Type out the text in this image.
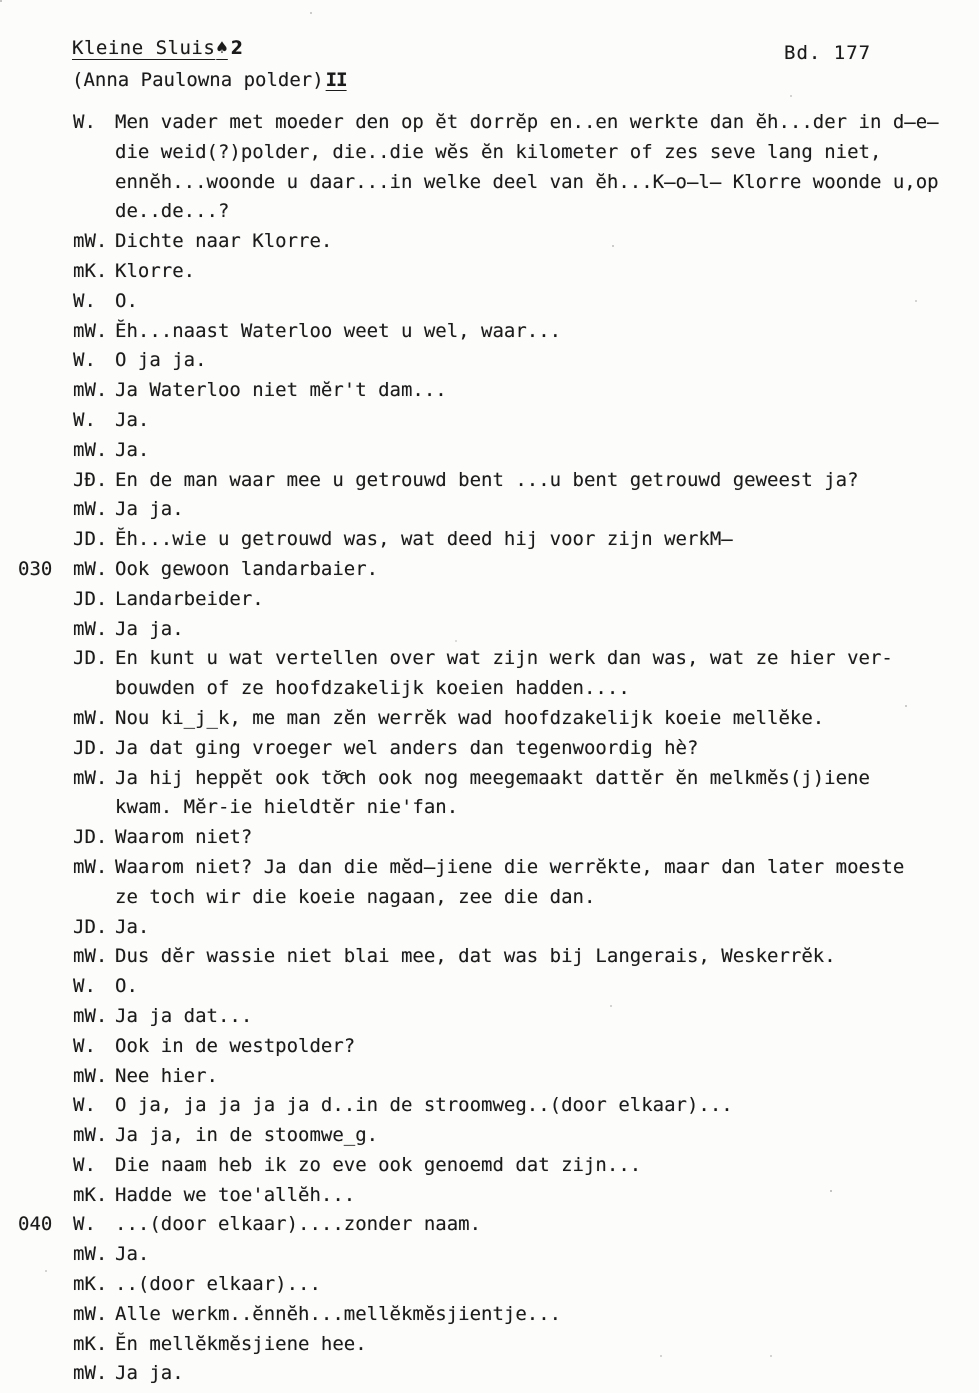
Kleine Sluis♠ 2
(Anna Paulowna polder) II
Bd. 177
W.	Men vader met moeder den op ĕt dorrĕp en..en werkte dan ĕh...der in d̶e̶
die weid(?)polder, die..die wĕs ĕn kilometer of zes seve lang niet,
ennĕh...woonde u daar...in welke deel van ĕh...K̶o̶l̶ Klorre woonde u,op
de..de...?
mW. Dichte naar Klorre.
mK. Klorre.
W.	O.
mW. Ĕh...naast Waterloo weet u wel, waar...
W.	O ja ja.
mW. Ja Waterloo niet mĕr't dam...
W.	Ja.
mW. Ja.
JÐ. En de man waar mee u getrouwd bent ...u bent getrouwd geweest ja?
mW. Ja ja.
JD. Ĕh...wie u getrouwd was, wat deed hij voor zijn werkM̶
030	mW. Ook gewoon landarbaier.
JD. Landarbeider.
mW. Ja ja.
JD. En kunt u wat vertellen over wat zijn werk dan was, wat ze hier ver-
bouwden of ze hoofdzakelijk koeien hadden....
mW. Nou ki̲j̲k, me man zĕn werrĕk wad hoofdzakelijk koeie mellĕke.
JD. Ja dat ging vroeger wel anders dan tegenwoordig hè?
mW. Ja hij heppĕt ook tŏͣch ook nog meegemaakt dattĕr ĕn melkmĕs(j)iene
kwam. Mĕr-ie hieldtĕr nie'fan.
JD. Waarom niet?
mW. Waarom niet? Ja dan die mĕd̶jiene die werrĕkte, maar dan later moeste
ze toch wir die koeie nagaan, zee die dan.
JD. Ja.
mW. Dus dĕr wassie niet blai mee, dat was bij Langerais, Weskerrĕk.
W.	O.
mW. Ja ja dat...
W.	Ook in de westpolder?
mW. Nee hier.
W.	O ja, ja ja ja ja d..in de stroomweg..(door elkaar)...
mW. Ja ja, in de stoomwe̲g.
W.	Die naam heb ik zo eve ook genoemd dat zijn...
mK. Hadde we toe'allĕh...
040	W.	...(door elkaar)....zonder naam.
mW. Ja.
mK. ..(door elkaar)...
mW. Alle werkm..ĕnnĕh...mellĕkmĕsjientje...
mK. Ĕn mellĕkmĕsjiene hee.
mW. Ja ja.
